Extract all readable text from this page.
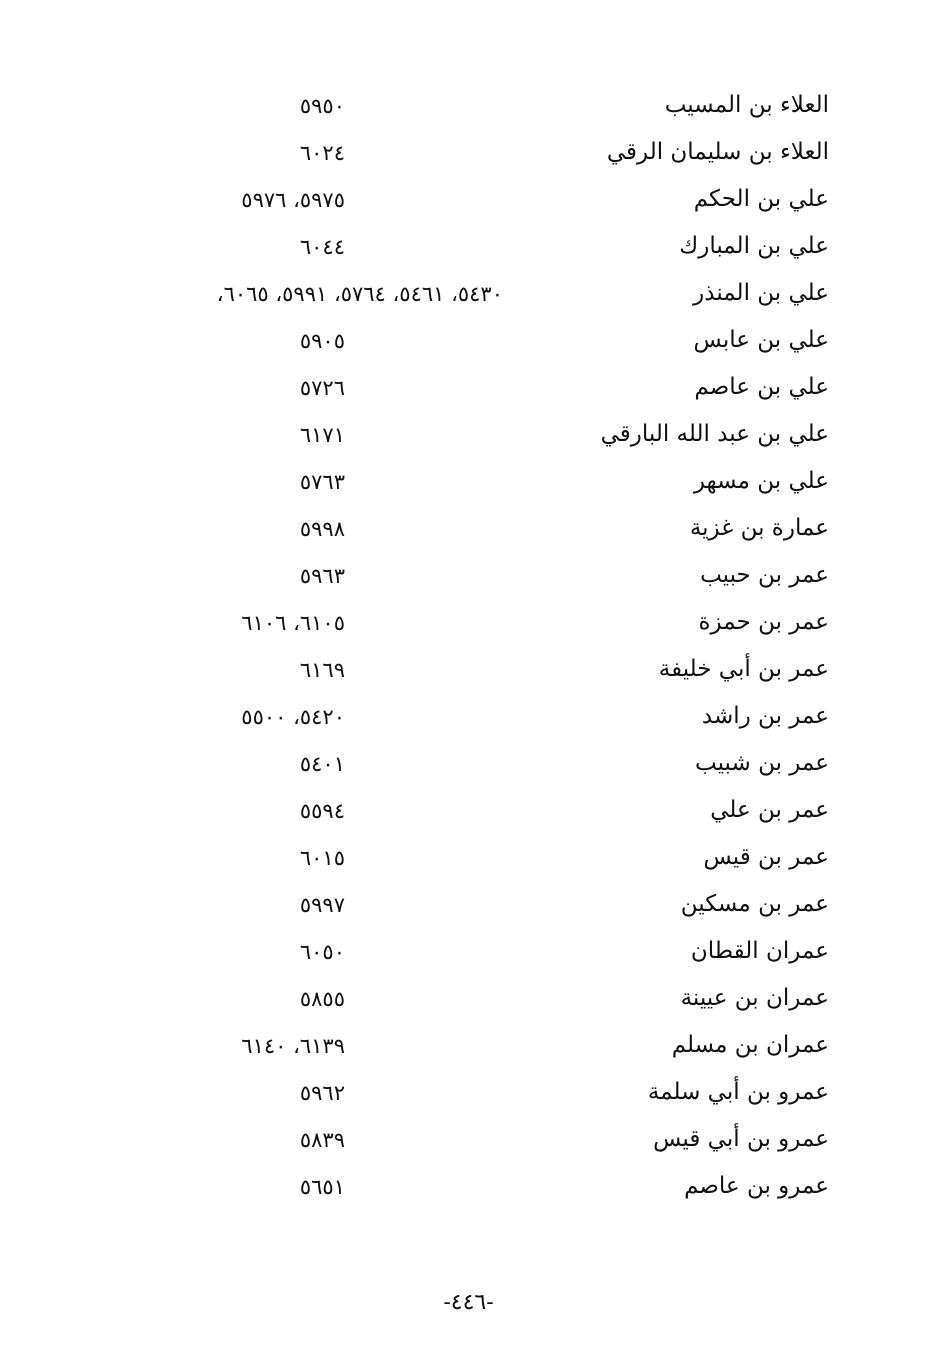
العلاء بن المسيب
٥٩٥٠
العلاء بن سليمان الرقي
٦٠٢٤
علي بن الحكم
٥٩٧٥، ٥٩٧٦
علي بن المبارك
٦٠٤٤
علي بن المنذر
٥٤٣٠، ٥٤٦١، ٥٧٦٤، ٥٩٩١، ٦٠٦٥،
علي بن عابس
٥٩٠٥
علي بن عاصم
٥٧٢٦
علي بن عبد الله البارقي
٦١٧١
علي بن مسهر
٥٧٦٣
عمارة بن غزية
٥٩٩٨
عمر بن حبيب
٥٩٦٣
عمر بن حمزة
٦١٠٥، ٦١٠٦
عمر بن أبي خليفة
٦١٦٩
عمر بن راشد
٥٤٢٠، ٥٥٠٠
عمر بن شبيب
٥٤٠١
عمر بن علي
٥٥٩٤
عمر بن قيس
٦٠١٥
عمر بن مسكين
٥٩٩٧
عمران القطان
٦٠٥٠
عمران بن عيينة
٥٨٥٥
عمران بن مسلم
٦١٣٩، ٦١٤٠
عمرو بن أبي سلمة
٥٩٦٢
عمرو بن أبي قيس
٥٨٣٩
عمرو بن عاصم
٥٦٥١
-٤٤٦-
